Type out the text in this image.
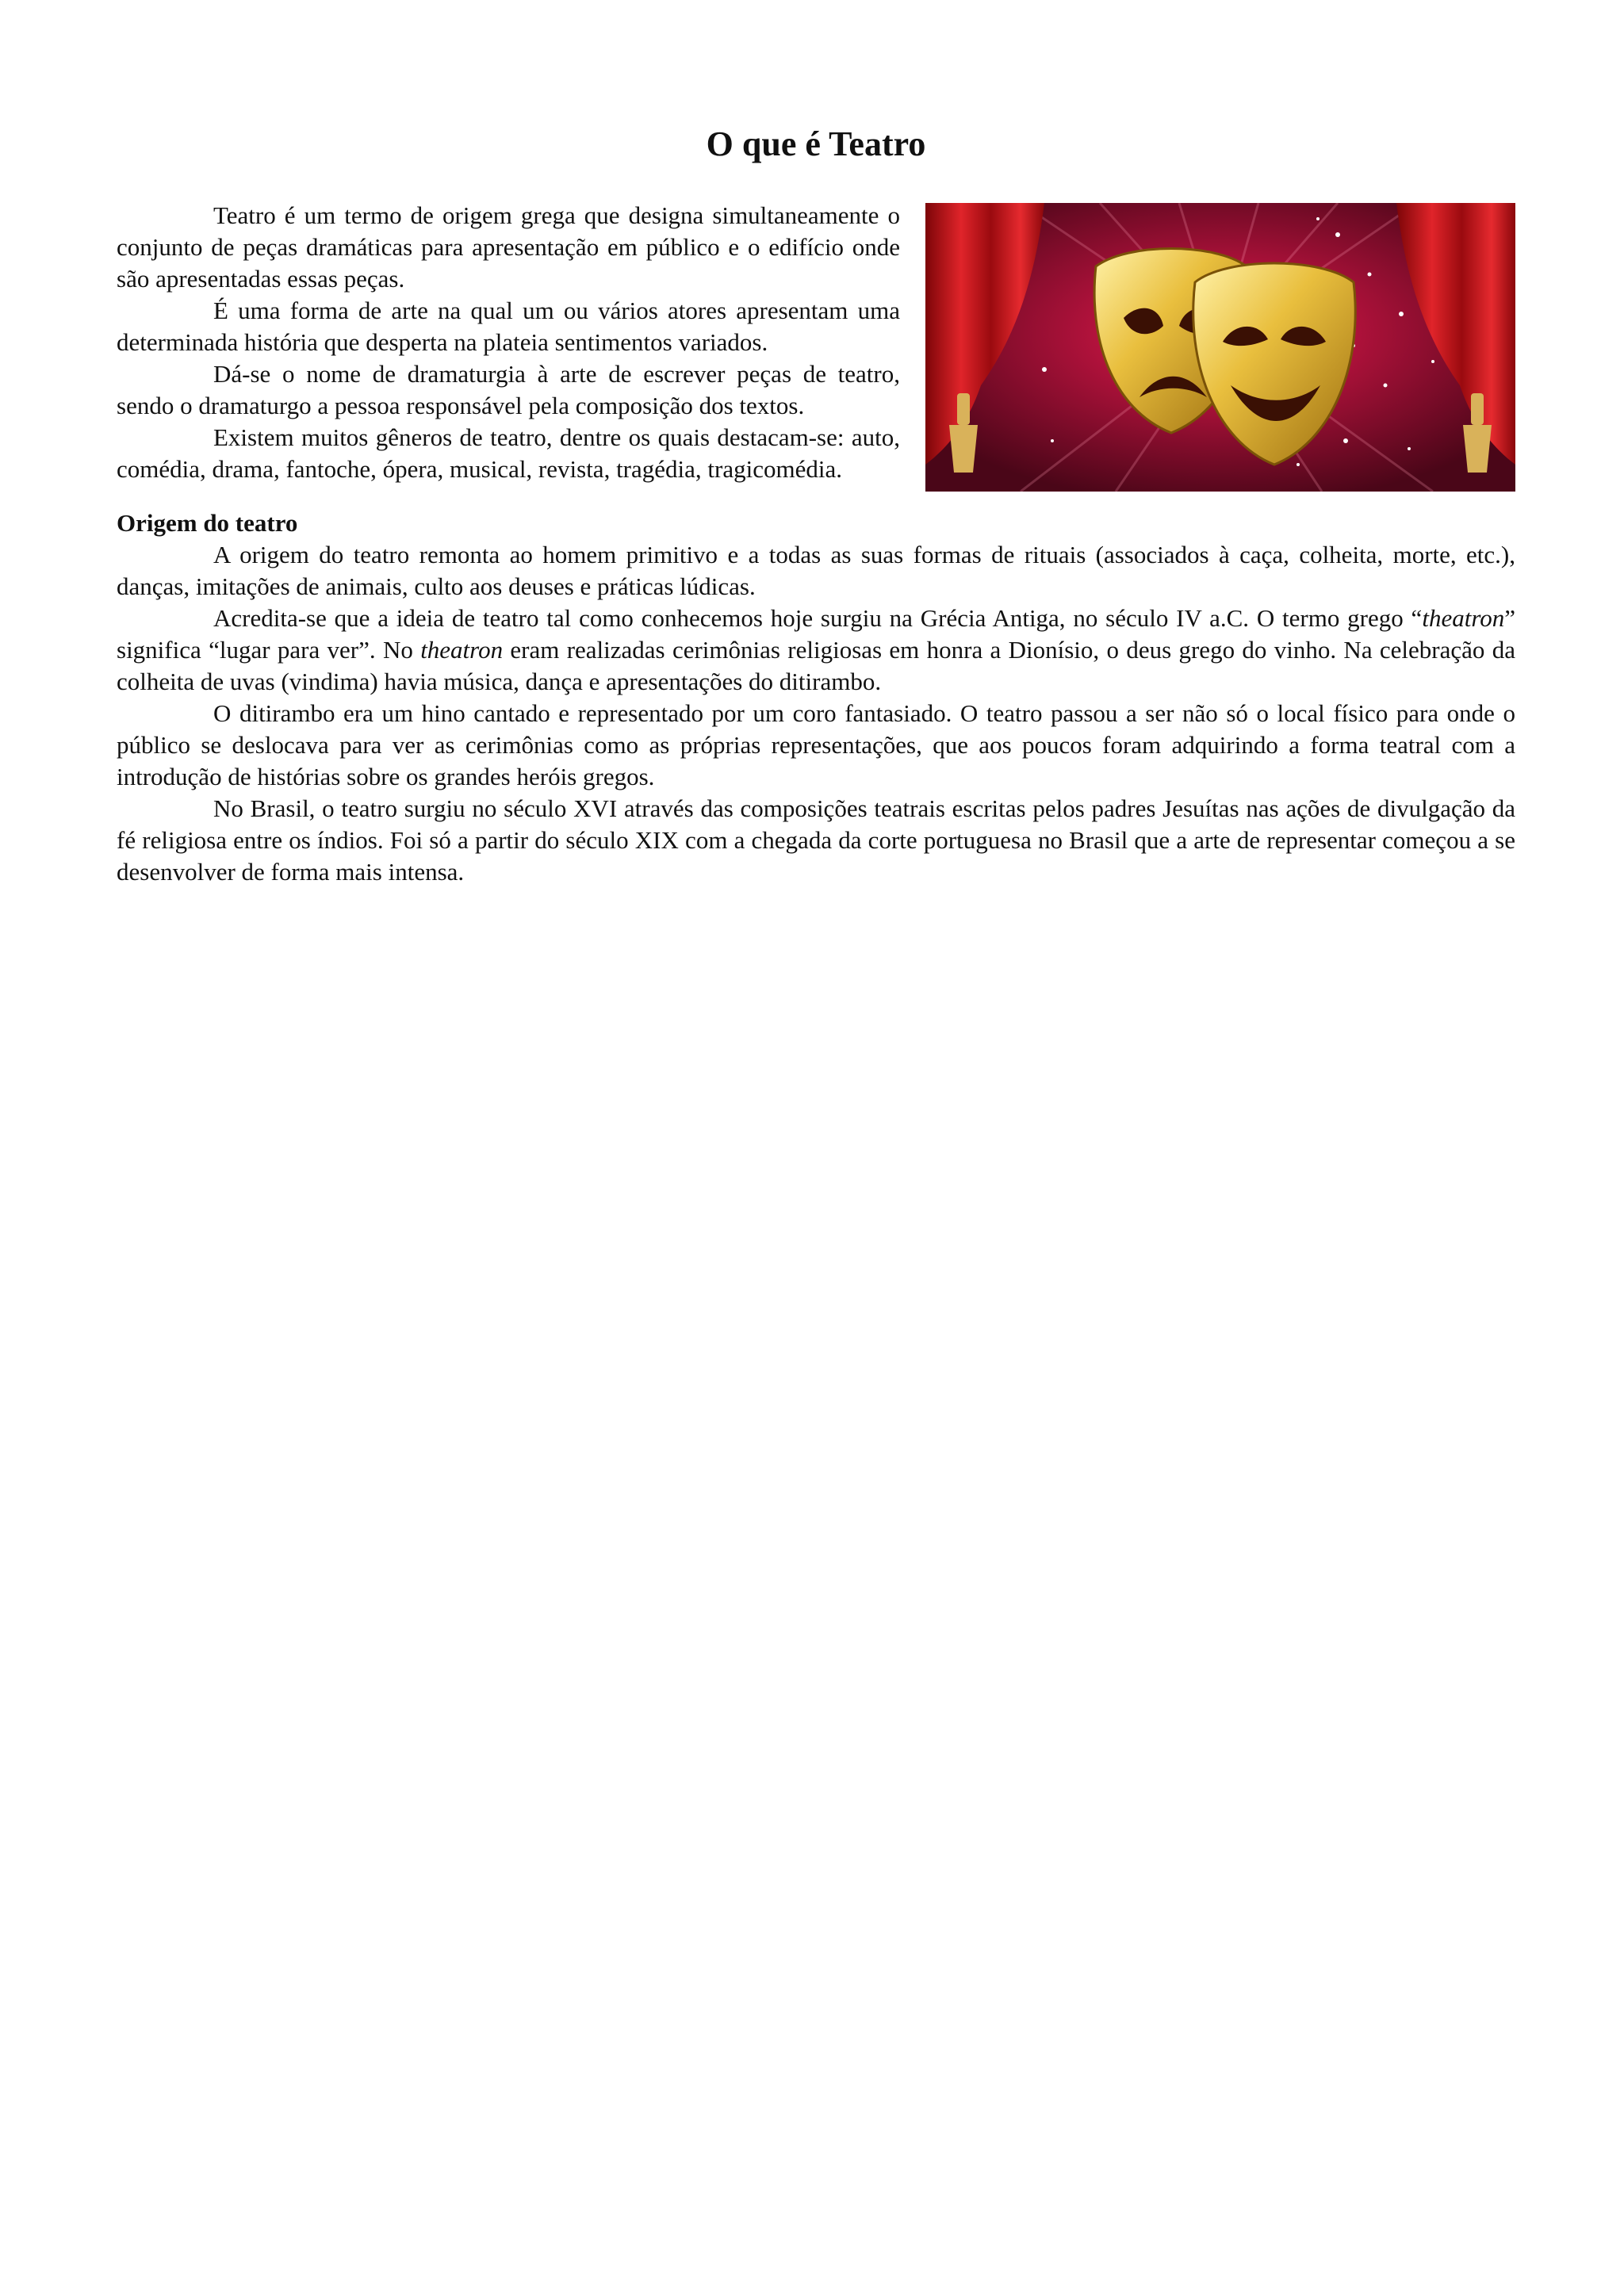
O que é Teatro

Teatro é um termo de origem grega que designa simultaneamente o conjunto de peças dramáticas para apresentação em público e o edifício onde são apresentadas essas peças.

É uma forma de arte na qual um ou vários atores apresentam uma determinada história que desperta na plateia sentimentos variados.

Dá-se o nome de dramaturgia à arte de escrever peças de teatro, sendo o dramaturgo a pessoa responsável pela composição dos textos.

Existem muitos gêneros de teatro, dentre os quais destacam-se: auto, comédia, drama, fantoche, ópera, musical, revista, tragédia, tragicomédia.

Origem do teatro

A origem do teatro remonta ao homem primitivo e a todas as suas formas de rituais (associados à caça, colheita, morte, etc.), danças, imitações de animais, culto aos deuses e práticas lúdicas.

Acredita-se que a ideia de teatro tal como conhecemos hoje surgiu na Grécia Antiga, no século IV a.C. O termo grego “theatron” significa “lugar para ver”. No theatron eram realizadas cerimônias religiosas em honra a Dionísio, o deus grego do vinho. Na celebração da colheita de uvas (vindima) havia música, dança e apresentações do ditirambo.

O ditirambo era um hino cantado e representado por um coro fantasiado. O teatro passou a ser não só o local físico para onde o público se deslocava para ver as cerimônias como as próprias representações, que aos poucos foram adquirindo a forma teatral com a introdução de histórias sobre os grandes heróis gregos.

No Brasil, o teatro surgiu no século XVI através das composições teatrais escritas pelos padres Jesuítas nas ações de divulgação da fé religiosa entre os índios. Foi só a partir do século XIX com a chegada da corte portuguesa no Brasil que a arte de representar começou a se desenvolver de forma mais intensa.
